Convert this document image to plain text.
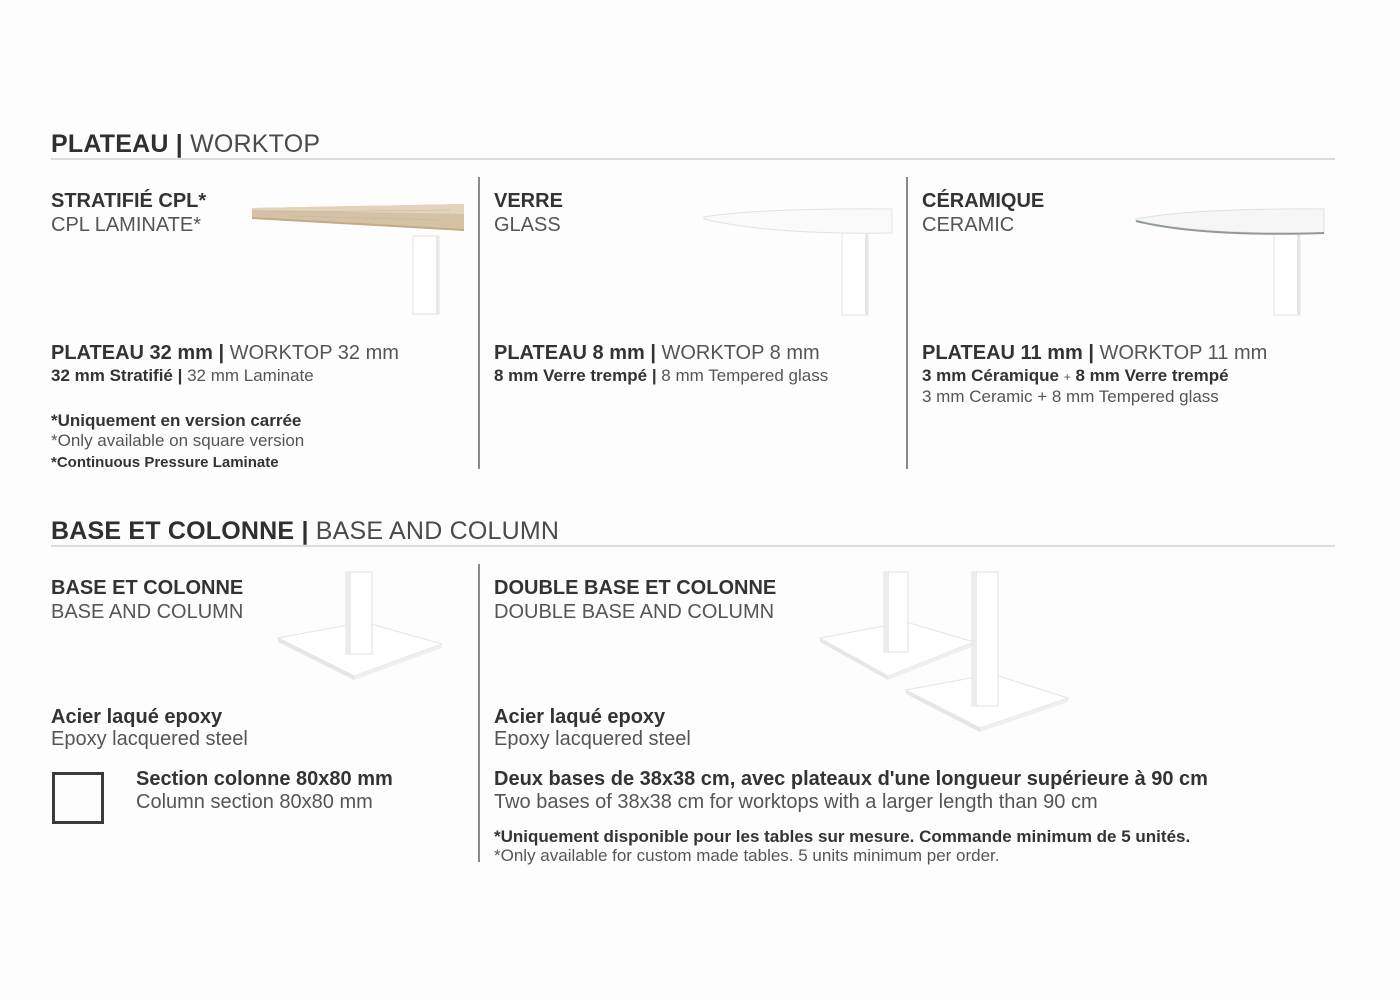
PLATEAU | WORKTOP
STRATIFIÉ CPL*
CPL LAMINATE*
PLATEAU 32 mm | WORKTOP 32 mm
32 mm Stratifié | 32 mm Laminate
*Uniquement en version carrée
*Only available on square version
*Continuous Pressure Laminate
VERRE
GLASS
PLATEAU 8 mm | WORKTOP 8 mm
8 mm Verre trempé | 8 mm Tempered glass
CÉRAMIQUE
CERAMIC
PLATEAU 11 mm | WORKTOP 11 mm
3 mm Céramique + 8 mm Verre trempé
3 mm Ceramic + 8 mm Tempered glass
BASE ET COLONNE | BASE AND COLUMN
BASE ET COLONNE
BASE AND COLUMN
Acier laqué epoxy
Epoxy lacquered steel
Section colonne 80x80 mm
Column section 80x80 mm
DOUBLE BASE ET COLONNE
DOUBLE BASE AND COLUMN
Acier laqué epoxy
Epoxy lacquered steel
Deux bases de 38x38 cm, avec plateaux d'une longueur supérieure à 90 cm
Two bases of 38x38 cm for worktops with a larger length than 90 cm
*Uniquement disponible pour les tables sur mesure. Commande minimum de 5 unités.
*Only available for custom made tables. 5 units minimum per order.
